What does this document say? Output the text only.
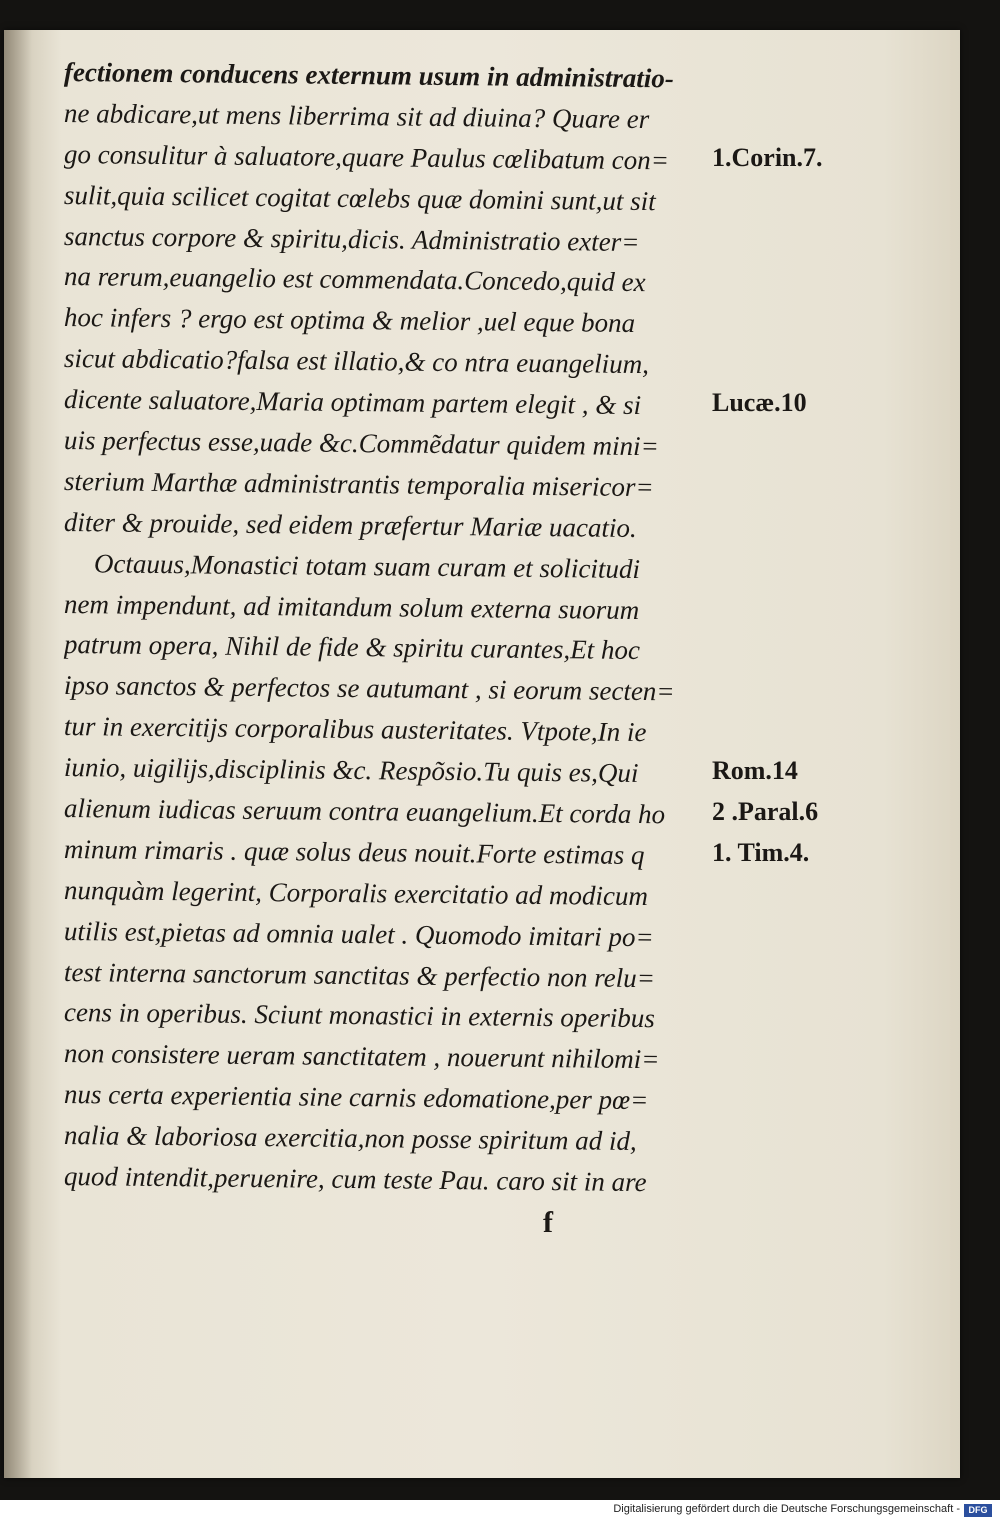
fectionem conducens externum usum in administratio-
ne abdicare,ut mens liberrima sit ad diuina? Quare er
go consulitur à saluatore,quare Paulus cœlibatum con=
sulit,quia scilicet cogitat cœlebs quæ domini sunt,ut sit
sanctus corpore & spiritu,dicis. Administratio exter=
na rerum,euangelio est commendata.Concedo,quid ex
hoc infers ? ergo est optima & melior ,uel eque bona
sicut abdicatio?falsa est illatio,& co ntra euangelium,
dicente saluatore,Maria optimam partem elegit , & si
uis perfectus esse,uade &c.Commẽdatur quidem mini=
sterium Marthæ administrantis temporalia misericor=
diter & prouide, sed eidem præfertur Mariæ uacatio.
Octauus,Monastici totam suam curam et solicitudi
nem impendunt, ad imitandum solum externa suorum
patrum opera, Nihil de fide & spiritu curantes,Et hoc
ipso sanctos & perfectos se autumant , si eorum secten=
tur in exercitijs corporalibus austeritates. Vtpote,In ie
iunio, uigilijs,disciplinis &c. Respõsio.Tu quis es,Qui
alienum iudicas seruum contra euangelium.Et corda ho
minum rimaris . quæ solus deus nouit.Forte estimas q
nunquàm legerint, Corporalis exercitatio ad modicum
utilis est,pietas ad omnia ualet . Quomodo imitari po=
test interna sanctorum sanctitas & perfectio non relu=
cens in operibus. Sciunt monastici in externis operibus
non consistere ueram sanctitatem , nouerunt nihilomi=
nus certa experientia sine carnis edomatione,per pœ=
nalia & laboriosa exercitia,non posse spiritum ad id,
quod intendit,peruenire, cum teste Pau. caro sit in are
1.Corin.7.
Lucæ.10
Rom.14
2 .Paral.6
1. Tim.4.
f
Digitalisierung gefördert durch die Deutsche Forschungsgemeinschaft - DFG
